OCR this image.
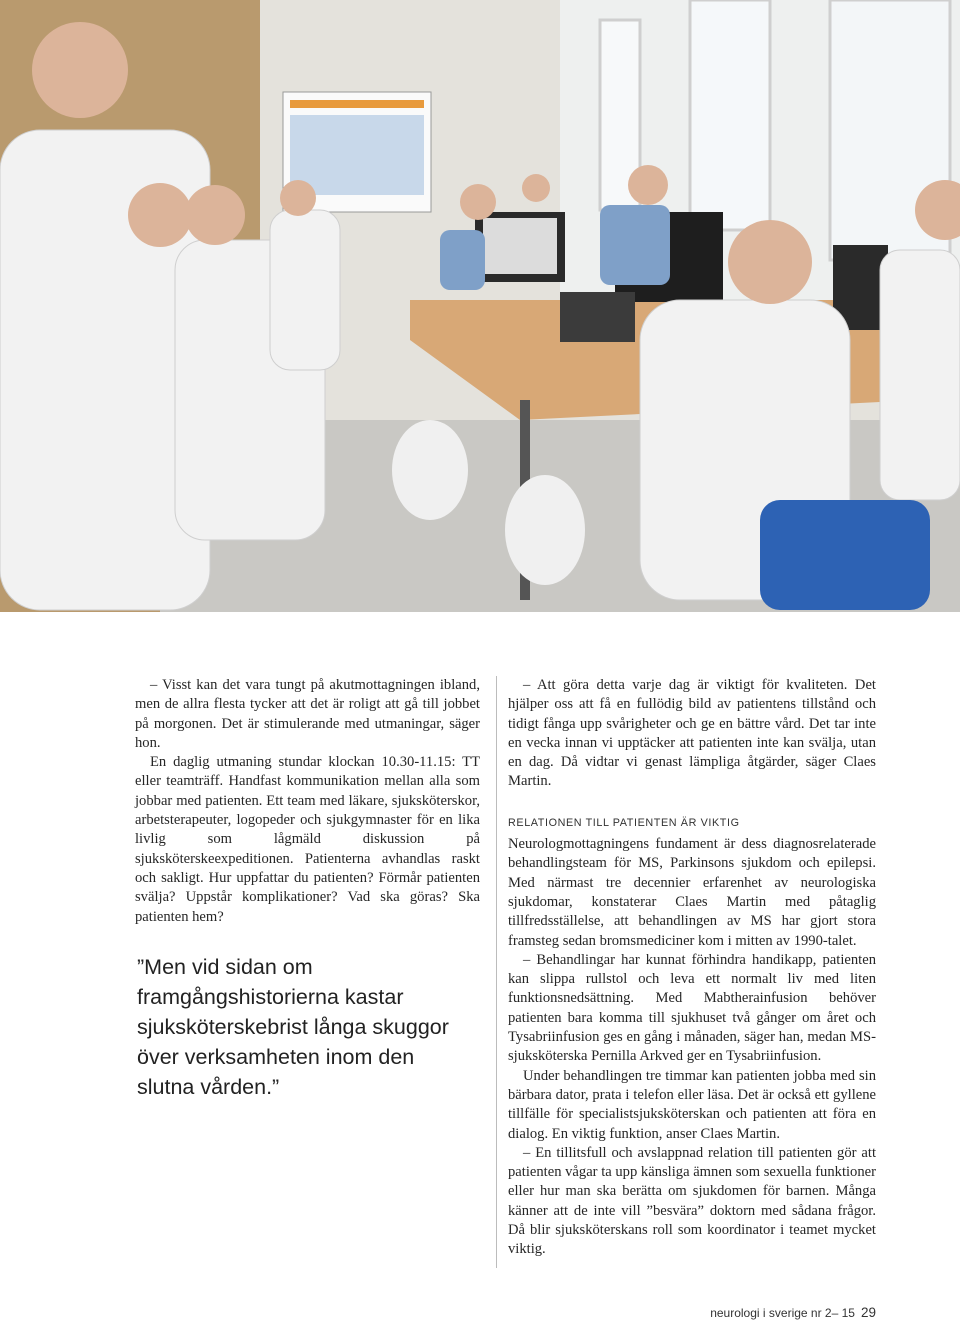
– Visst kan det vara tungt på akutmottagningen ibland, men de allra flesta tycker att det är roligt att gå till jobbet på morgonen. Det är stimulerande med utmaningar, säger hon.

En daglig utmaning stundar klockan 10.30-11.15: TT eller teamträff. Handfast kommunikation mellan alla som jobbar med patienten. Ett team med läkare, sjuksköterskor, arbetsterapeuter, logopeder och sjukgymnaster för en lika livlig som lågmäld diskussion på sjuksköterskeexpeditionen. Patienterna avhandlas raskt och sakligt. Hur uppfattar du patienten? Förmår patienten svälja? Uppstår komplikationer? Vad ska göras? Ska patienten hem?

”Men vid sidan om framgångshistorierna kastar sjuksköterskebrist långa skuggor över verksamheten inom den slutna vården.”

– Att göra detta varje dag är viktigt för kvaliteten. Det hjälper oss att få en fullödig bild av patientens tillstånd och tidigt fånga upp svårigheter och ge en bättre vård. Det tar inte en vecka innan vi upptäcker att patienten inte kan svälja, utan en dag. Då vidtar vi genast lämpliga åtgärder, säger Claes Martin.

RELATIONEN TILL PATIENTEN ÄR VIKTIG

Neurologmottagningens fundament är dess diagnosrelaterade behandlingsteam för MS, Parkinsons sjukdom och epilepsi. Med närmast tre decennier erfarenhet av neurologiska sjukdomar, konstaterar Claes Martin med påtaglig tillfredsställelse, att behandlingen av MS har gjort stora framsteg sedan bromsmediciner kom i mitten av 1990-talet.

– Behandlingar har kunnat förhindra handikapp, patienten kan slippa rullstol och leva ett normalt liv med liten funktionsnedsättning. Med Mabtherainfusion behöver patienten bara komma till sjukhuset två gånger om året och Tysabriinfusion ges en gång i månaden, säger han, medan MS-sjuksköterska Pernilla Arkved ger en Tysabriinfusion.

Under behandlingen tre timmar kan patienten jobba med sin bärbara dator, prata i telefon eller läsa. Det är också ett gyllene tillfälle för specialistsjuksköterskan och patienten att föra en dialog. En viktig funktion, anser Claes Martin.

– En tillitsfull och avslappnad relation till patienten gör att patienten vågar ta upp känsliga ämnen som sexuella funktioner eller hur man ska berätta om sjukdomen för barnen. Många känner att de inte vill ”besvära” doktorn med sådana frågor. Då blir sjuksköterskans roll som koordinator i teamet mycket viktig.

neurologi i sverige nr 2– 15 29
